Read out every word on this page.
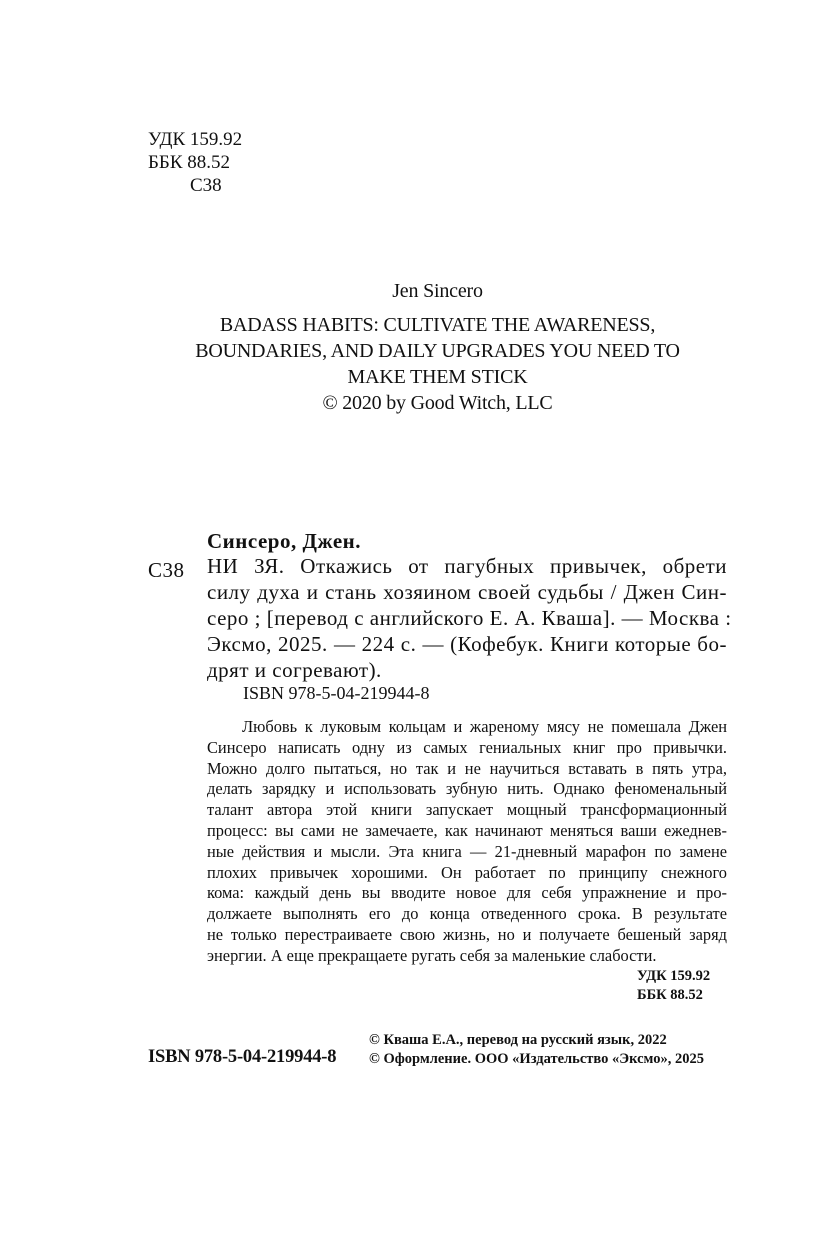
УДК 159.92
ББК 88.52
С38
Jen Sincero
BADASS HABITS: CULTIVATE THE AWARENESS,
BOUNDARIES, AND DAILY UPGRADES YOU NEED TO
MAKE THEM STICK
© 2020 by Good Witch, LLC
Синсеро, Джен.
С38 НИ ЗЯ. Откажись от пагубных привычек, обрети
силу духа и стань хозяином своей судьбы / Джен Син-
серо ; [перевод с английского Е. А. Кваша]. — Москва :
Эксмо, 2025. — 224 с. — (Кофебук. Книги которые бо-
дрят и согревают).
ISBN 978-5-04-219944-8
Любовь к луковым кольцам и жареному мясу не помешала Джен
Синсеро написать одну из самых гениальных книг про привычки.
Можно долго пытаться, но так и не научиться вставать в пять утра,
делать зарядку и использовать зубную нить. Однако феноменальный
талант автора этой книги запускает мощный трансформационный
процесс: вы сами не замечаете, как начинают меняться ваши ежеднев-
ные действия и мысли. Эта книга — 21-дневный марафон по замене
плохих привычек хорошими. Он работает по принципу снежного
кома: каждый день вы вводите новое для себя упражнение и про-
должаете выполнять его до конца отведенного срока. В результате
не только перестраиваете свою жизнь, но и получаете бешеный заряд
энергии. А еще прекращаете ругать себя за маленькие слабости.
УДК 159.92
ББК 88.52
© Кваша Е.А., перевод на русский язык, 2022
ISBN 978-5-04-219944-8 © Оформление. ООО «Издательство «Эксмо», 2025
